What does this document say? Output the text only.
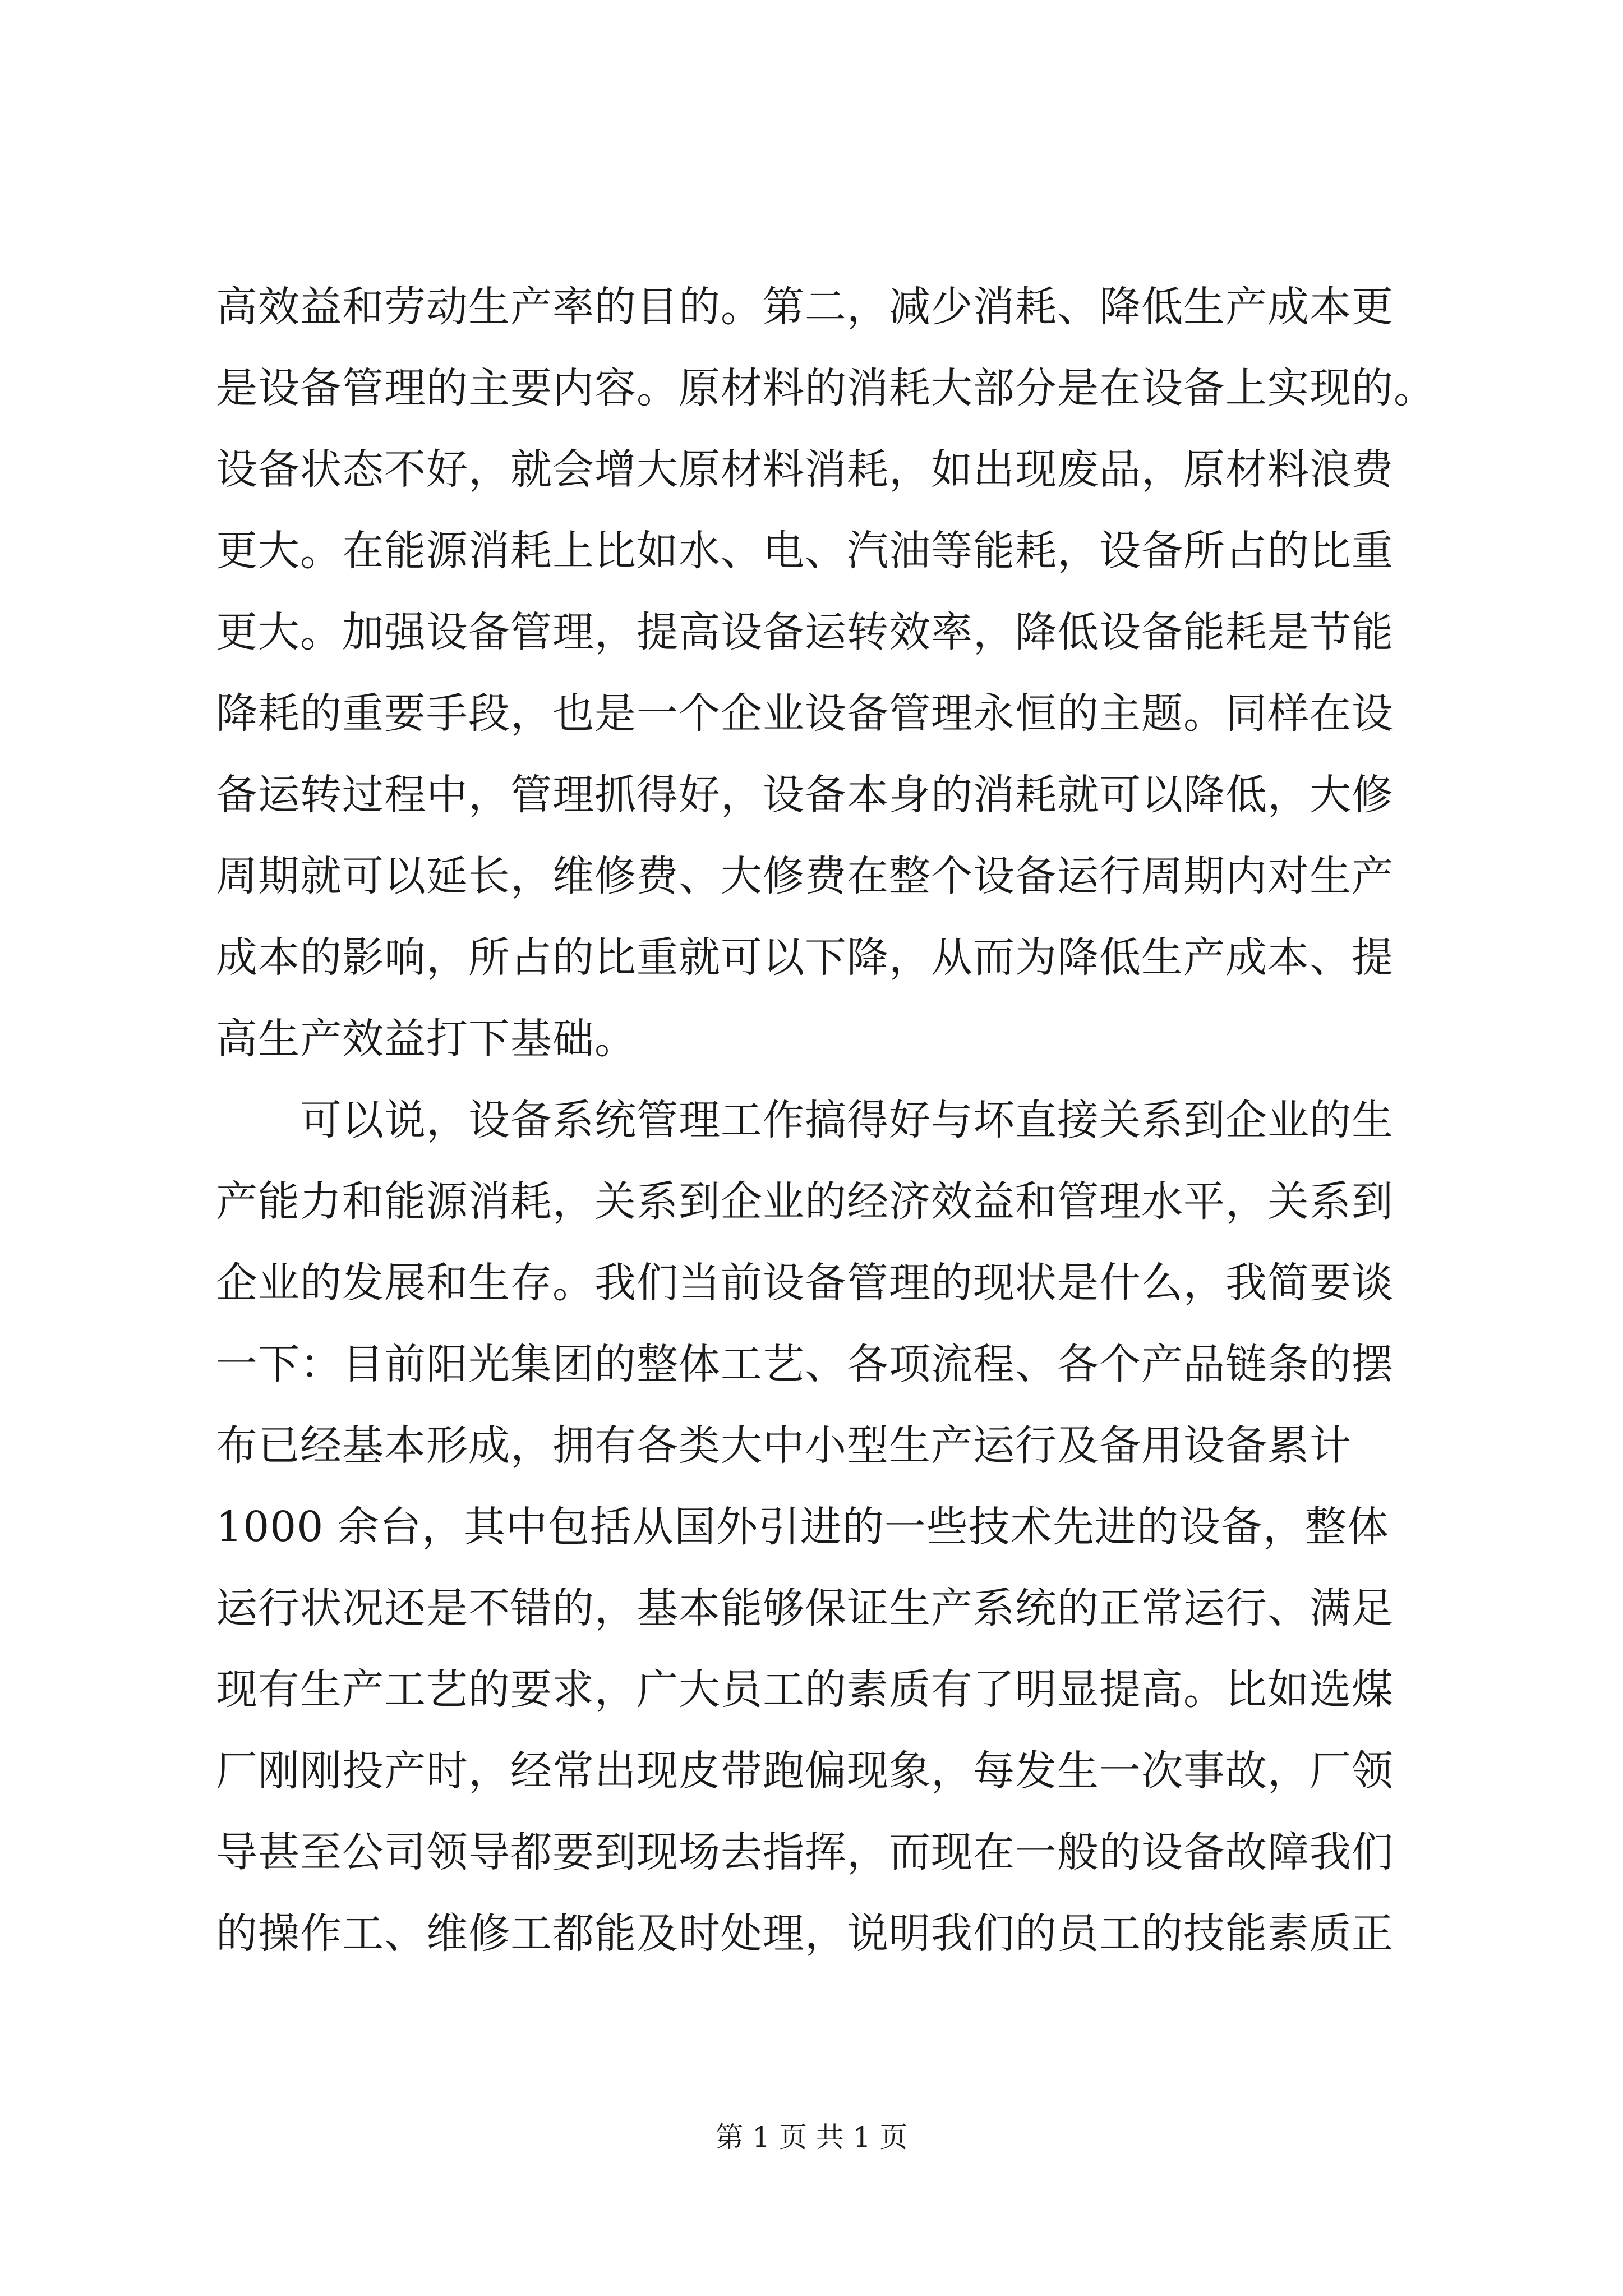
高效益和劳动生产率的目的。第二，减少消耗、降低生产成本更
是设备管理的主要内容。原材料的消耗大部分是在设备上实现的。
设备状态不好，就会增大原材料消耗，如出现废品，原材料浪费
更大。在能源消耗上比如水、电、汽油等能耗，设备所占的比重
更大。加强设备管理，提高设备运转效率，降低设备能耗是节能
降耗的重要手段，也是一个企业设备管理永恒的主题。同样在设
备运转过程中，管理抓得好，设备本身的消耗就可以降低，大修
周期就可以延长，维修费、大修费在整个设备运行周期内对生产
成本的影响，所占的比重就可以下降，从而为降低生产成本、提
高生产效益打下基础。
可以说，设备系统管理工作搞得好与坏直接关系到企业的生
产能力和能源消耗，关系到企业的经济效益和管理水平，关系到
企业的发展和生存。我们当前设备管理的现状是什么，我简要谈
一下：目前阳光集团的整体工艺、各项流程、各个产品链条的摆
布已经基本形成，拥有各类大中小型生产运行及备用设备累计
1000 余台，其中包括从国外引进的一些技术先进的设备，整体
运行状况还是不错的，基本能够保证生产系统的正常运行、满足
现有生产工艺的要求，广大员工的素质有了明显提高。比如选煤
厂刚刚投产时，经常出现皮带跑偏现象，每发生一次事故，厂领
导甚至公司领导都要到现场去指挥，而现在一般的设备故障我们
的操作工、维修工都能及时处理，说明我们的员工的技能素质正
第 1 页 共 1 页
